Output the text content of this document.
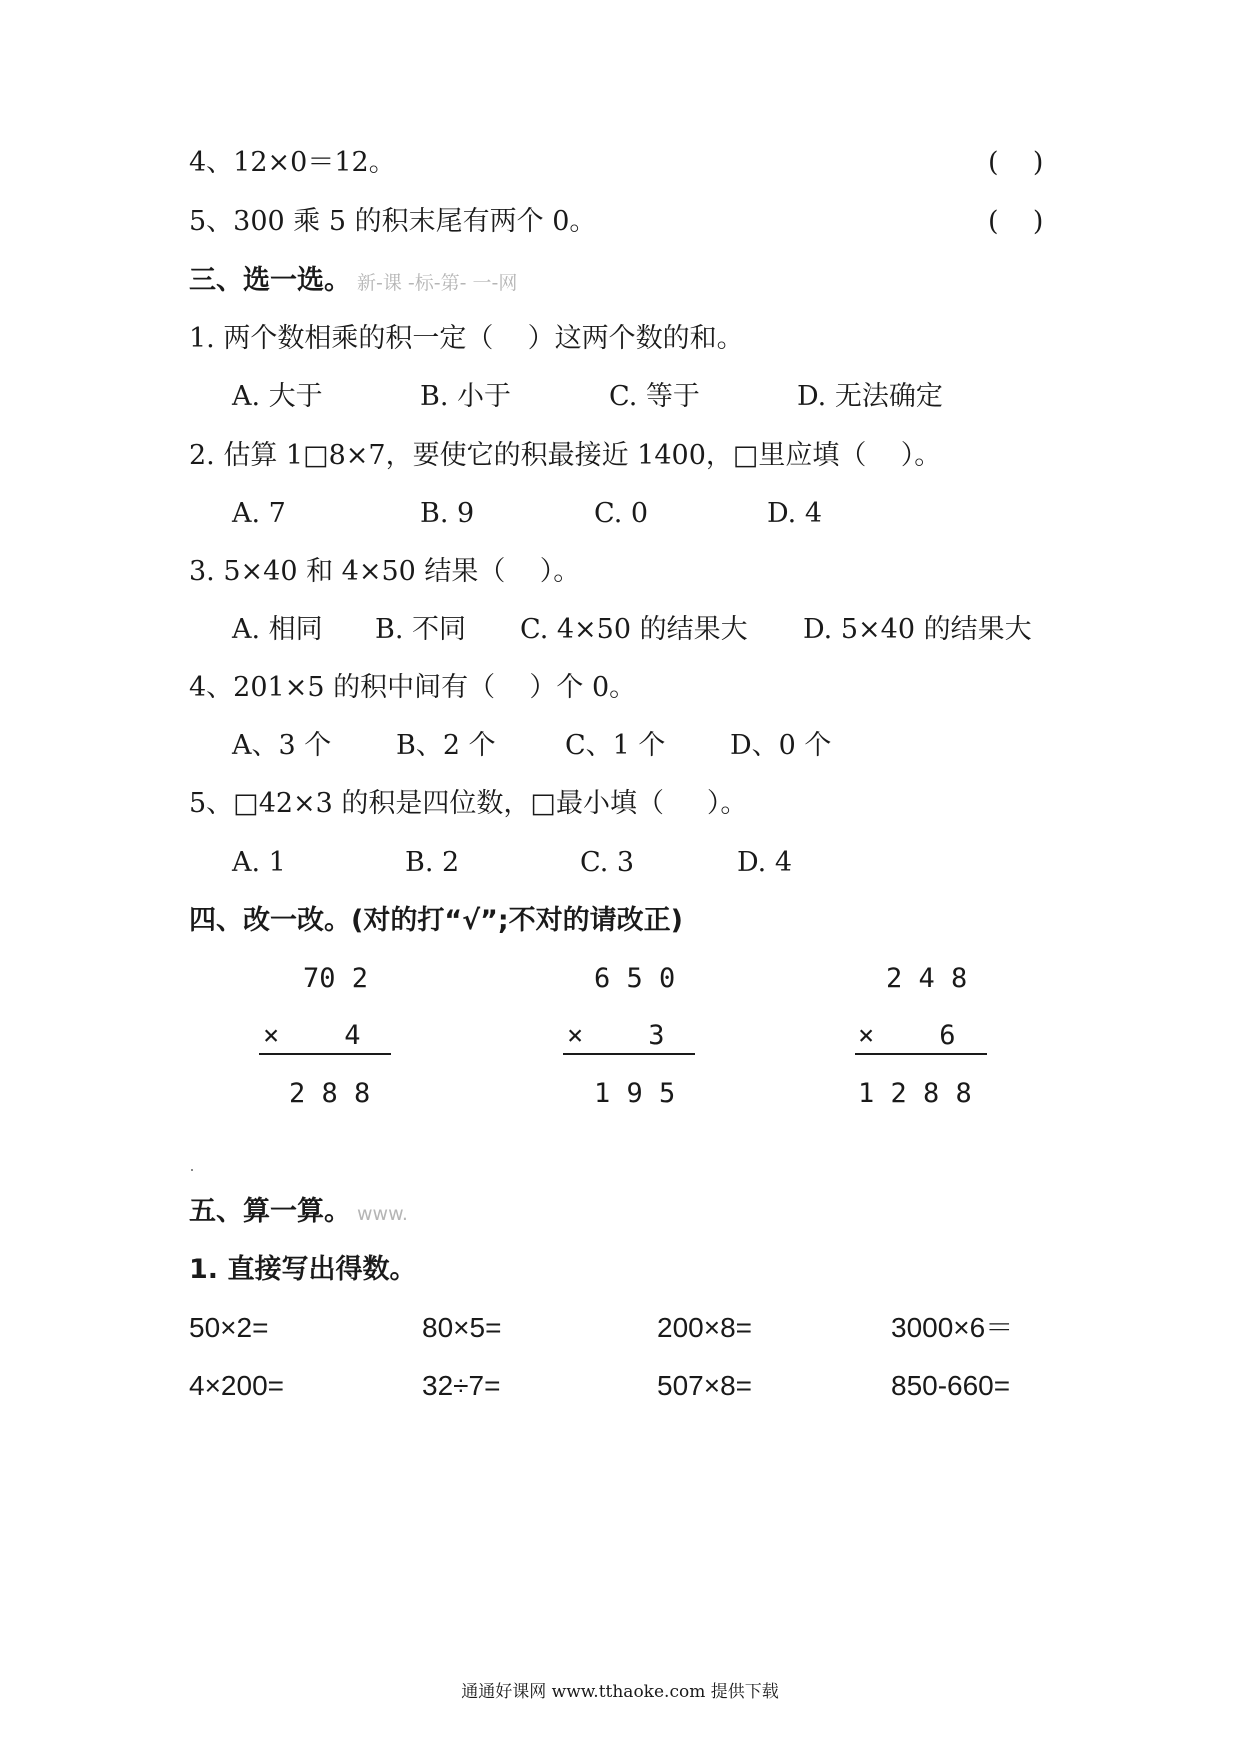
4、12×0＝12。	(    )
5、300 乘 5 的积末尾有两个 0。	(    )
三、选一选。 新-课 -标-第- 一-网
1. 两个数相乘的积一定（    ）这两个数的和。
A. 大于	B. 小于	C. 等于	D. 无法确定
2. 估算 1□8×7，要使它的积最接近 1400，□里应填（    ）。
A. 7	B. 9	C. 0	D. 4
3. 5×40 和 4×50 结果（    ）。
A. 相同 B. 不同 C. 4×50 的结果大 D. 5×40 的结果大
4、201×5 的积中间有（    ）个 0。
A、3 个 B、2 个	C、1 个 D、0 个
5、□42×3 的积是四位数，□最小填（     ）。
A. 1	B. 2	C. 3	D. 4
四、改一改。(对的打“√”;不对的请改正)
70 2
×    4
2 8 8
6 5 0
×    3
1 9 5
2 4 8
×    6
1 2 8 8
五、算一算。 www.
1. 直接写出得数。
50×2=	80×5=	200×8=	3000×6＝
4×200=	32÷7=	507×8=	850-660=
通通好课网 www.tthaoke.com 提供下载
